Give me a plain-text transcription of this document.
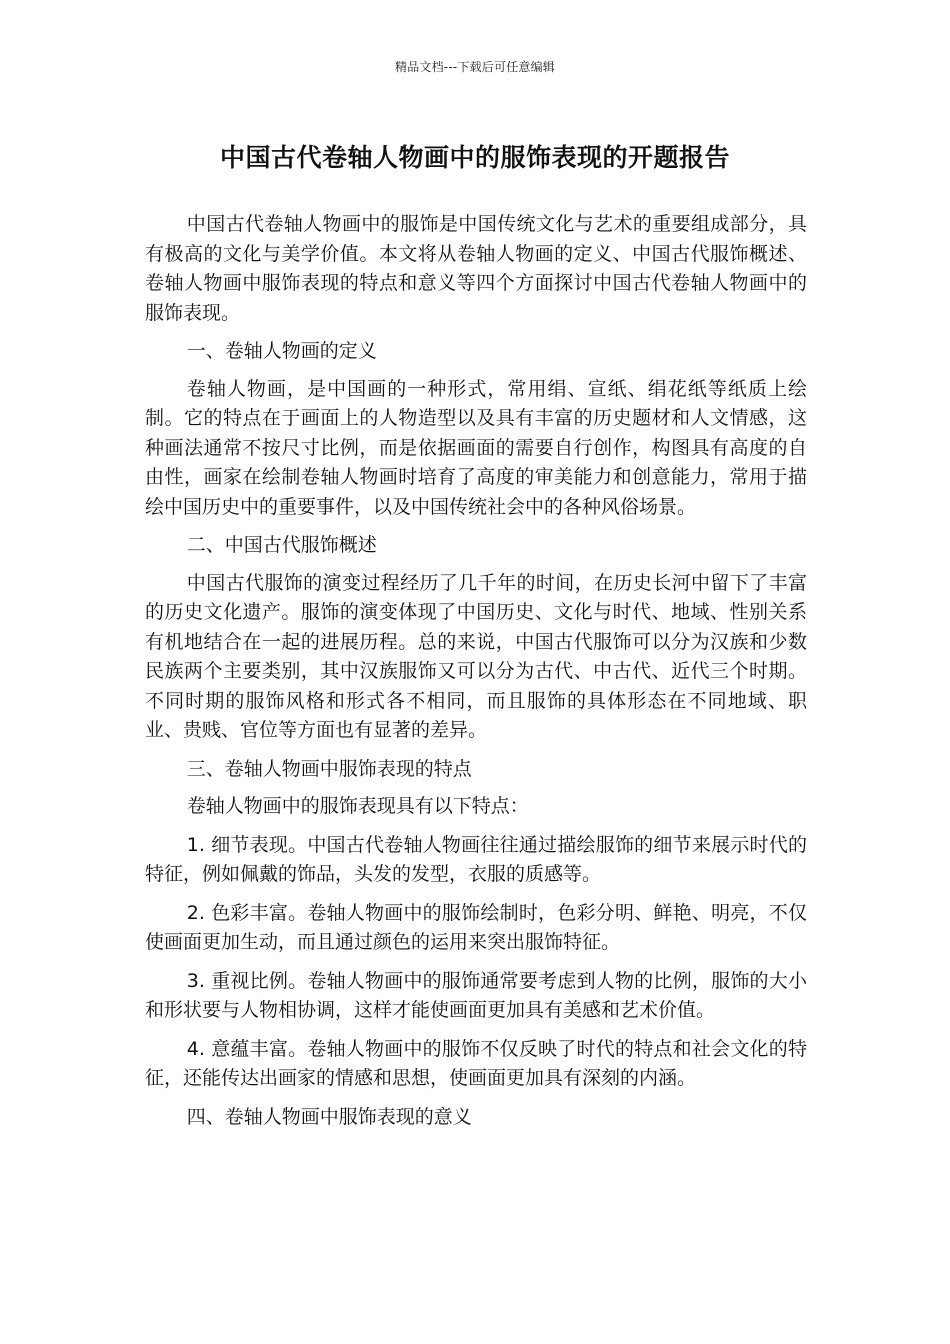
精品文档---下载后可任意编辑
中国古代卷轴人物画中的服饰表现的开题报告

中国古代卷轴人物画中的服饰是中国传统文化与艺术的重要组成部分，具有极高的文化与美学价值。本文将从卷轴人物画的定义、中国古代服饰概述、卷轴人物画中服饰表现的特点和意义等四个方面探讨中国古代卷轴人物画中的服饰表现。

一、卷轴人物画的定义

卷轴人物画，是中国画的一种形式，常用绢、宣纸、绢花纸等纸质上绘制。它的特点在于画面上的人物造型以及具有丰富的历史题材和人文情感，这种画法通常不按尺寸比例，而是依据画面的需要自行创作，构图具有高度的自由性，画家在绘制卷轴人物画时培育了高度的审美能力和创意能力，常用于描绘中国历史中的重要事件，以及中国传统社会中的各种风俗场景。

二、中国古代服饰概述

中国古代服饰的演变过程经历了几千年的时间，在历史长河中留下了丰富的历史文化遗产。服饰的演变体现了中国历史、文化与时代、地域、性别关系有机地结合在一起的进展历程。总的来说，中国古代服饰可以分为汉族和少数民族两个主要类别，其中汉族服饰又可以分为古代、中古代、近代三个时期。不同时期的服饰风格和形式各不相同，而且服饰的具体形态在不同地域、职业、贵贱、官位等方面也有显著的差异。

三、卷轴人物画中服饰表现的特点

卷轴人物画中的服饰表现具有以下特点：

1. 细节表现。中国古代卷轴人物画往往通过描绘服饰的细节来展示时代的特征，例如佩戴的饰品，头发的发型，衣服的质感等。

2. 色彩丰富。卷轴人物画中的服饰绘制时，色彩分明、鲜艳、明亮，不仅使画面更加生动，而且通过颜色的运用来突出服饰特征。

3. 重视比例。卷轴人物画中的服饰通常要考虑到人物的比例，服饰的大小和形状要与人物相协调，这样才能使画面更加具有美感和艺术价值。

4. 意蕴丰富。卷轴人物画中的服饰不仅反映了时代的特点和社会文化的特征，还能传达出画家的情感和思想，使画面更加具有深刻的内涵。

四、卷轴人物画中服饰表现的意义
